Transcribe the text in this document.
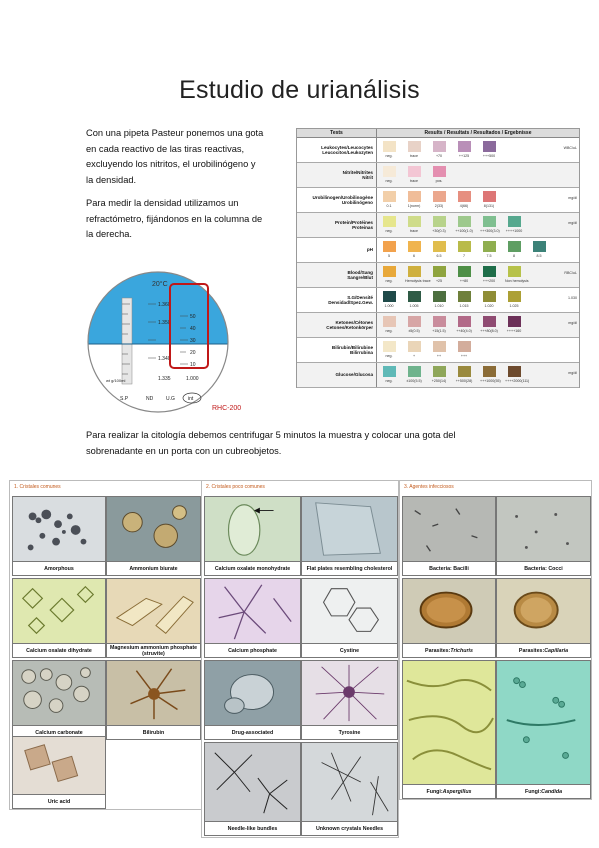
Estudio de urianálisis
Con una pipeta Pasteur ponemos una gota en cada reactivo de las tiras reactivas, excluyendo los nitritos, el urobilinógeno y la densidad.
Para medir la densidad utilizamos un refractómetro, fijándonos en la columna de la derecha.
20°C
1.360
1.350
1.340
1.335
50
40
30
20
10
1.000
wt g/100ml
S.P	ND	U.G	int
RHC-200
Tests	Results / Resultats / Resultados / Ergebnisse
Leukocytes/Leucocytes
Leucocitos/Leukozyten
neg.	trace	+70	++125	+++500
WBC/uL
Nitrite/Nitrites
Nitrit
neg.	trace	pos.
Urobilinogen/Urobilinogène
Urobilinógeno
0.1	1(norm)	2(33)	4(66)	8(131)
mg/dl
Protein/Protéines
Proteinas
neg.	trace	+30(0.3)	++100(1.0) +++300(3.0) ++++1000
mg/dl
pH
5	6	6.5	7	7.5	8	8.5
Blood/Sang
Sangre/Blut
neg.	Hemolysis trace	+25	++80	+++200	Non hemolysis
RBC/uL
S.G/Densité
Densidad/Spez.Gew.
1.000	1.005	1.010	1.015	1.020	1.025
1.030
Ketones/Cétones
Cetones/Ketonkörper
neg.	±5(0.5)	+15(1.5)	++40(4.0)	+++80(8.0)	++++160
mg/dl
Bilirubin/Bilirubine
Bilirrubina
neg.	+	++	+++
Glucose/Glucosa
neg.	±100(5.5)	+250(14)	++500(28) +++1000(55) ++++2000(111)
mg/dl
Para realizar la citología debemos centrifugar 5 minutos la muestra y colocar una gota del sobrenadante en un porta con un cubreobjetos.
1. Cristales comunes
Amorphous	Ammonium biurate
Calcium oxalate dihydrate	Magnesium ammonium phosphate (struvite)
Calcium carbonate	Bilirubin
Uric acid
2. Cristales poco comunes
Calcium oxalate monohydrate	Flat plates resembling cholesterol
Calcium phosphate	Cystine
Drug-associated	Tyrosine
Needle-like bundles	Unknown crystals Needles
3. Agentes infecciosos
Bacteria: Bacilli	Bacteria: Cocci
Parasites: Trichuris	Parasites: Capillaria
Fungi: Aspergillus	Fungi: Candida
